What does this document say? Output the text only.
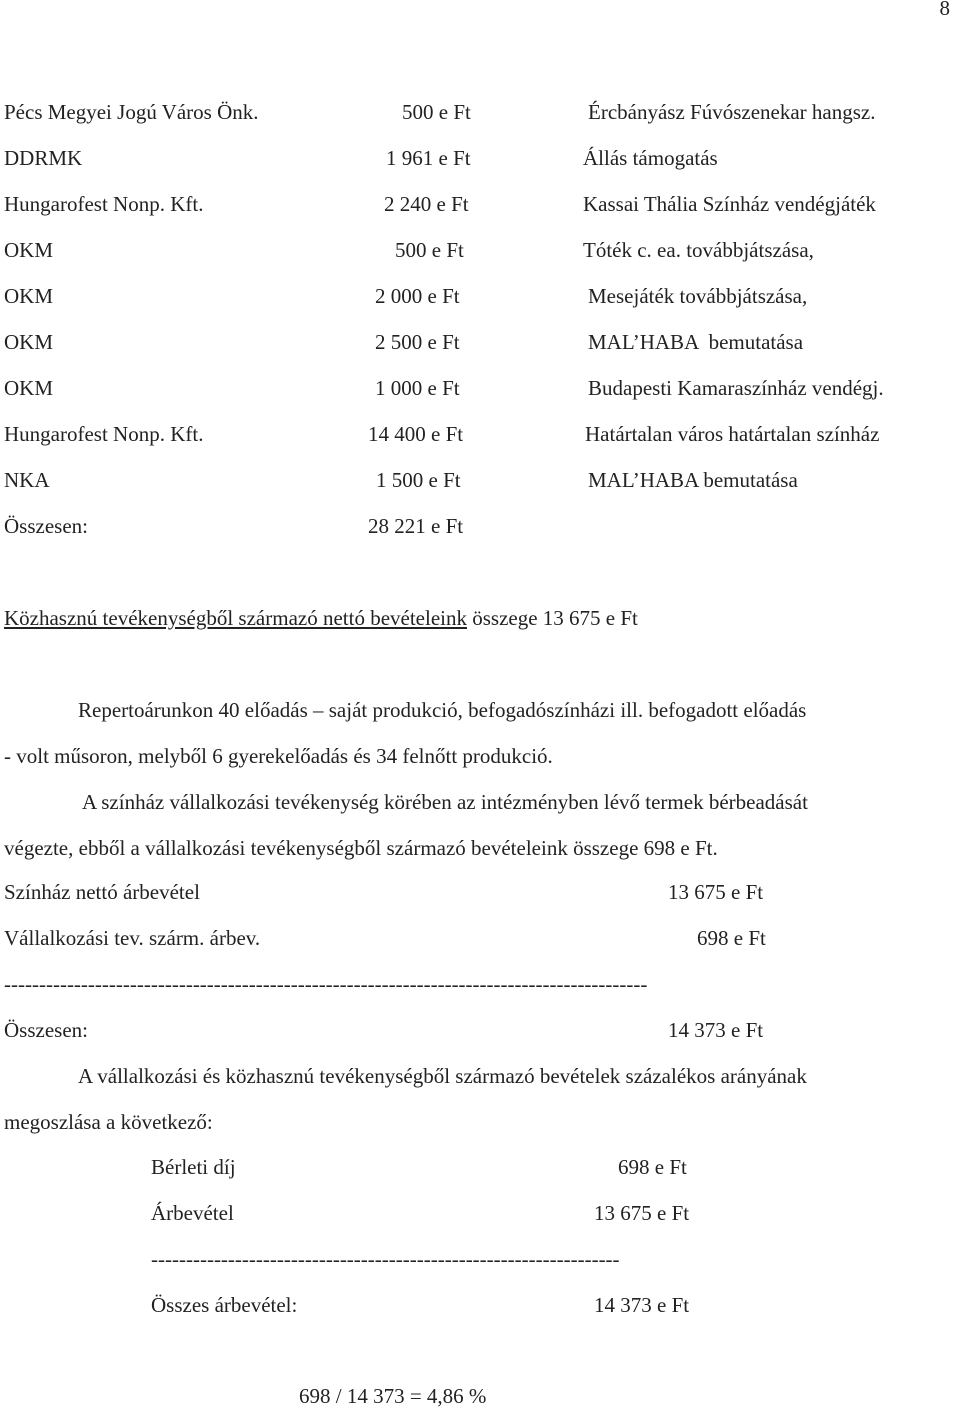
8
Pécs Megyei Jogú Város Önk.	500 e Ft	Ércbányász Fúvószenekar hangsz.
DDRMK	1 961 e Ft	Állás támogatás
Hungarofest Nonp. Kft.	2 240 e Ft	Kassai Thália Színház vendégjáték
OKM	500 e Ft	Tóték c. ea. továbbjátszása,
OKM	2 000 e Ft	Mesejáték továbbjátszása,
OKM	2 500 e Ft	MAL’HABA  bemutatása
OKM	1 000 e Ft	Budapesti Kamaraszínház vendégj.
Hungarofest Nonp. Kft.	14 400 e Ft	Határtalan város határtalan színház
NKA	1 500 e Ft	MAL’HABA bemutatása
Összesen:	28 221 e Ft
Közhasznú tevékenységből származó nettó bevételeink összege 13 675 e Ft
Repertoárunkon 40 előadás – saját produkció, befogadószínházi ill. befogadott előadás
- volt műsoron, melyből 6 gyerekelőadás és 34 felnőtt produkció.
A színház vállalkozási tevékenység körében az intézményben lévő termek bérbeadását
végezte, ebből a vállalkozási tevékenységből származó bevételeink összege 698 e Ft.
Színház nettó árbevétel	13 675 e Ft
Vállalkozási tev. szárm. árbev.	698 e Ft
--------------------------------------------------------------------------------------------
Összesen:	14 373 e Ft
A vállalkozási és közhasznú tevékenységből származó bevételek százalékos arányának
megoszlása a következő:
Bérleti díj	698 e Ft
Árbevétel	13 675 e Ft
-------------------------------------------------------------------
Összes árbevétel:	14 373 e Ft
698 / 14 373 = 4,86 %
